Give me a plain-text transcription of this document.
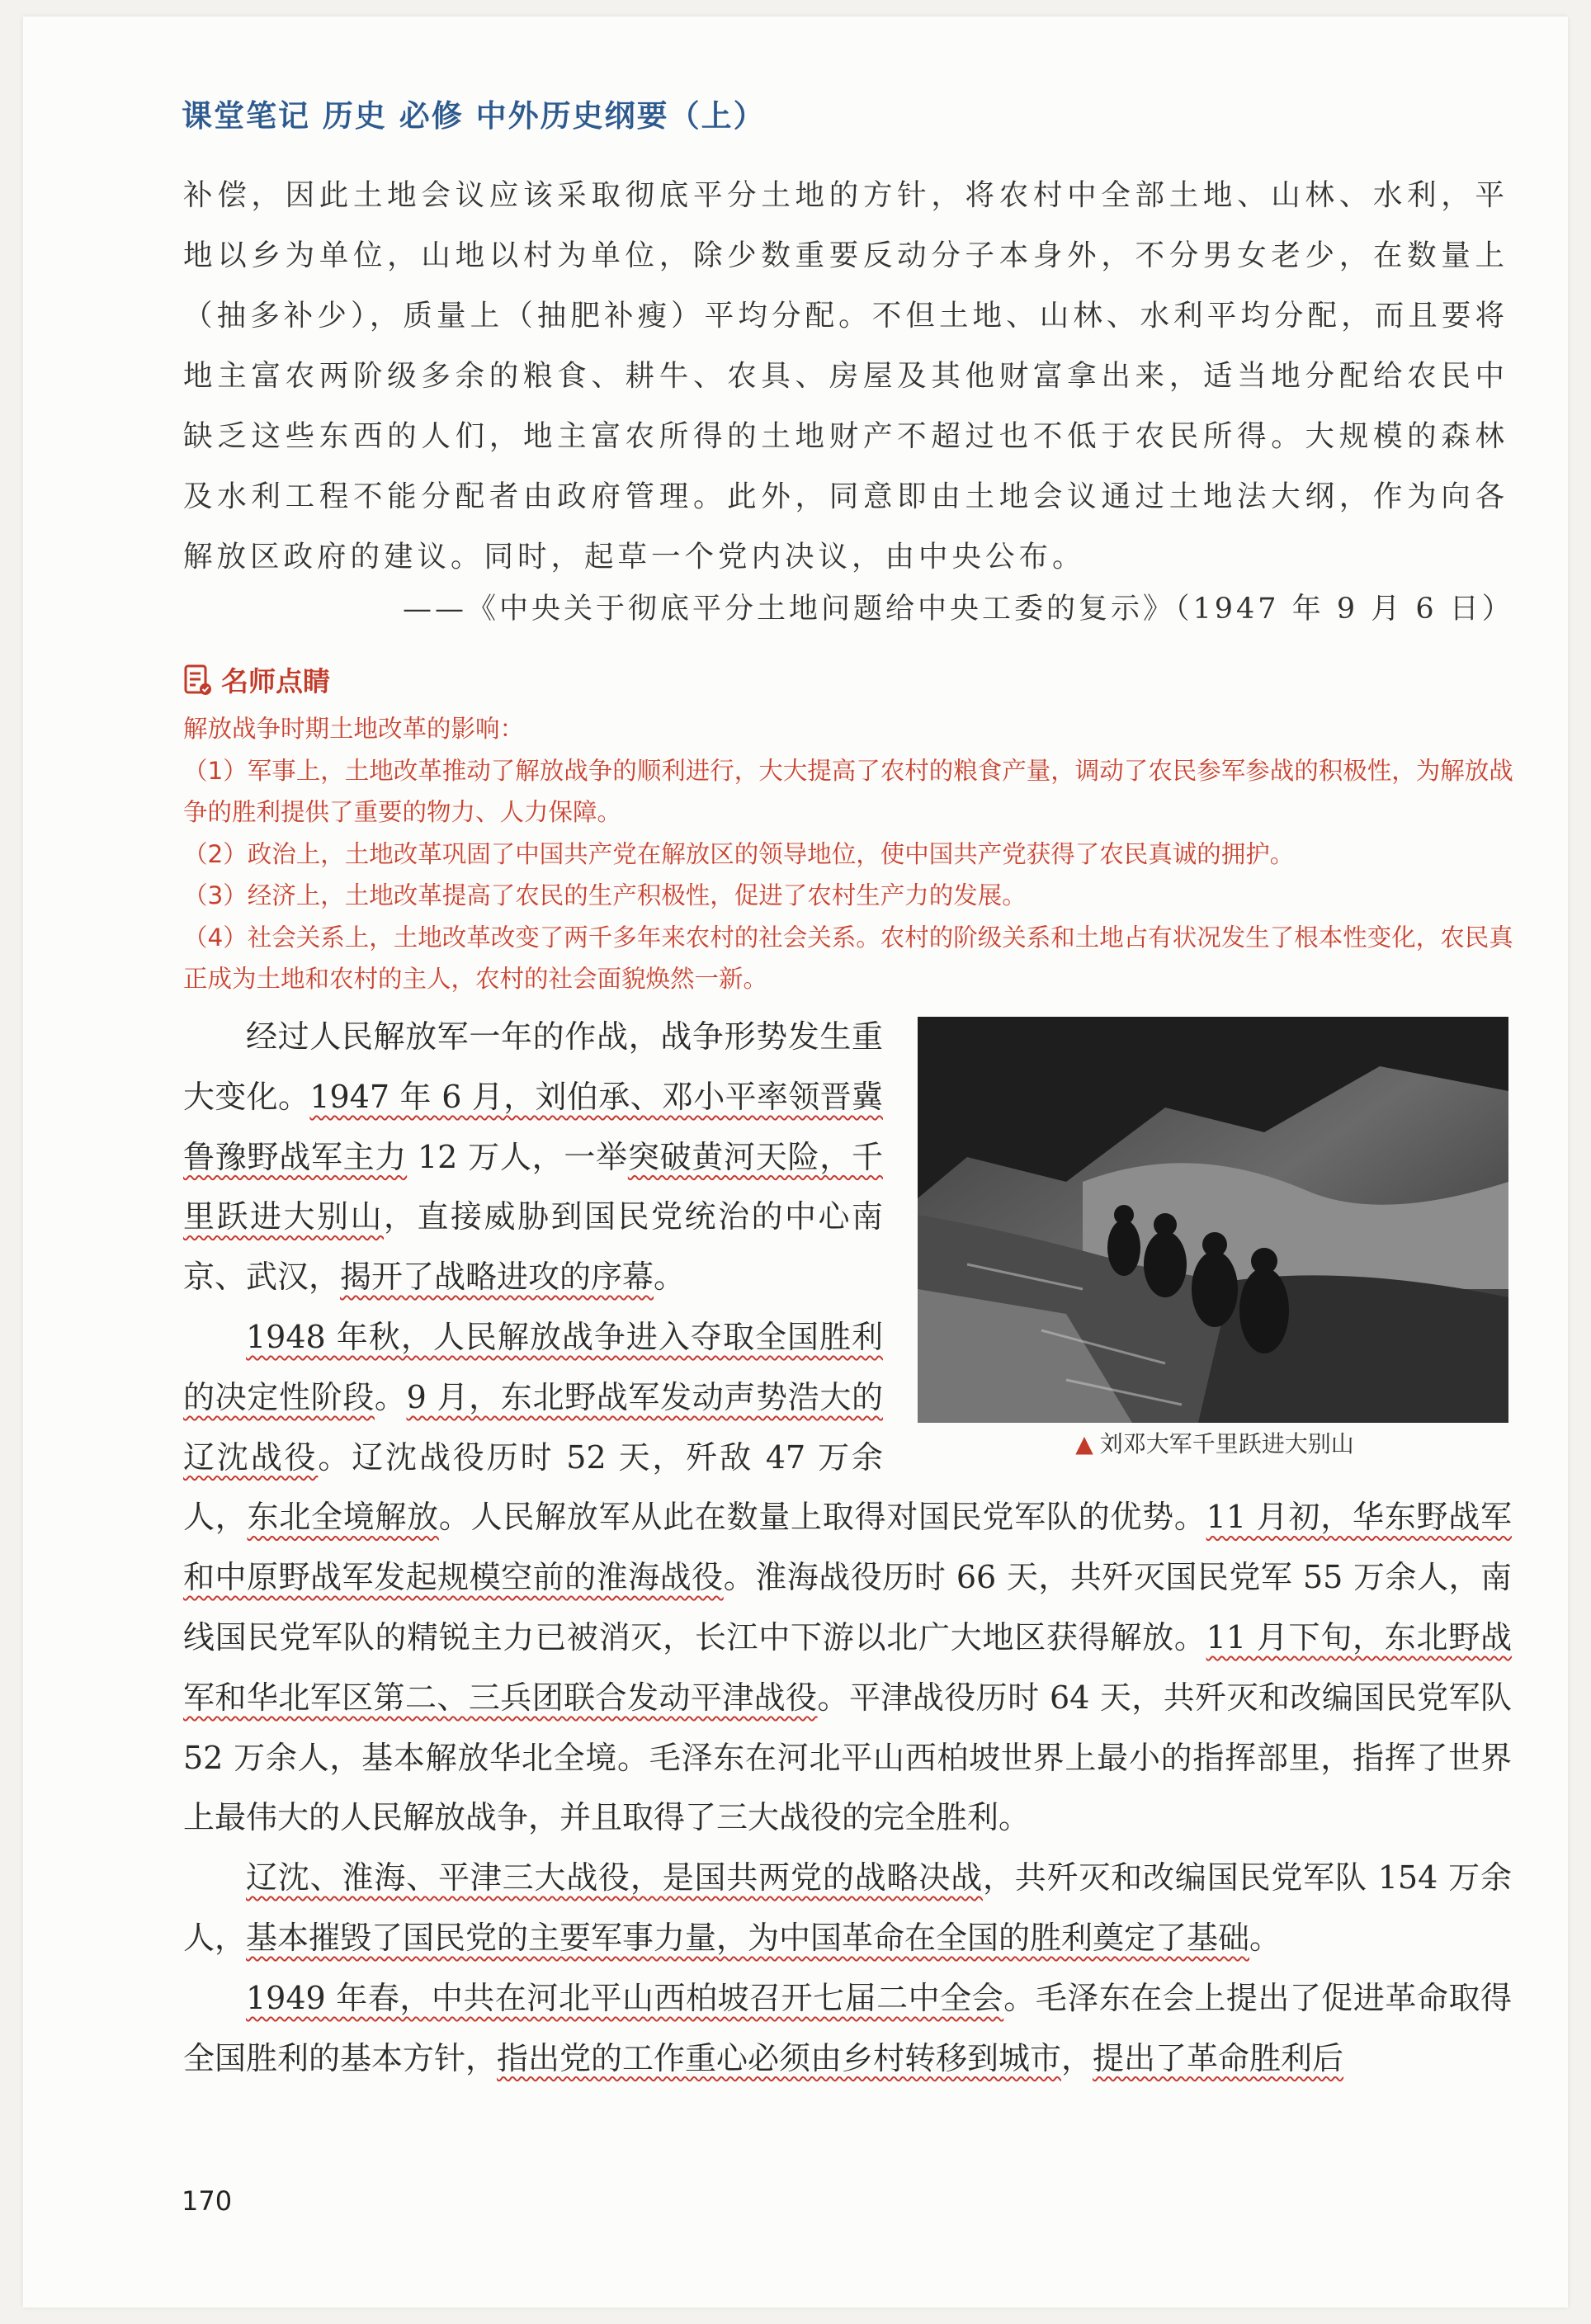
课堂笔记 历史 必修 中外历史纲要（上）
补偿，因此土地会议应该采取彻底平分土地的方针，将农村中全部土地、山林、水利，平地以乡为单位，山地以村为单位，除少数重要反动分子本身外，不分男女老少，在数量上（抽多补少），质量上（抽肥补瘦）平均分配。不但土地、山林、水利平均分配，而且要将地主富农两阶级多余的粮食、耕牛、农具、房屋及其他财富拿出来，适当地分配给农民中缺乏这些东西的人们，地主富农所得的土地财产不超过也不低于农民所得。大规模的森林及水利工程不能分配者由政府管理。此外，同意即由土地会议通过土地法大纲，作为向各解放区政府的建议。同时，起草一个党内决议，由中央公布。
——《中央关于彻底平分土地问题给中央工委的复示》（1947 年 9 月 6 日）
名师点睛

解放战争时期土地改革的影响：

（1）军事上，土地改革推动了解放战争的顺利进行，大大提高了农村的粮食产量，调动了农民参军参战的积极性，为解放战争的胜利提供了重要的物力、人力保障。

（2）政治上，土地改革巩固了中国共产党在解放区的领导地位，使中国共产党获得了农民真诚的拥护。

（3）经济上，土地改革提高了农民的生产积极性，促进了农村生产力的发展。

（4）社会关系上，土地改革改变了两千多年来农村的社会关系。农村的阶级关系和土地占有状况发生了根本性变化，农民真正成为土地和农村的主人，农村的社会面貌焕然一新。

▲ 刘邓大军千里跃进大别山

经过人民解放军一年的作战，战争形势发生重大变化。1947 年 6 月，刘伯承、邓小平率领晋冀鲁豫野战军主力 12 万人，一举突破黄河天险，千里跃进大别山，直接威胁到国民党统治的中心南京、武汉，揭开了战略进攻的序幕。

1948 年秋，人民解放战争进入夺取全国胜利的决定性阶段。9 月，东北野战军发动声势浩大的辽沈战役。辽沈战役历时 52 天，歼敌 47 万余人，东北全境解放。人民解放军从此在数量上取得对国民党军队的优势。11 月初，华东野战军和中原野战军发起规模空前的淮海战役。淮海战役历时 66 天，共歼灭国民党军 55 万余人，南线国民党军队的精锐主力已被消灭，长江中下游以北广大地区获得解放。11 月下旬，东北野战军和华北军区第二、三兵团联合发动平津战役。平津战役历时 64 天，共歼灭和改编国民党军队 52 万余人，基本解放华北全境。毛泽东在河北平山西柏坡世界上最小的指挥部里，指挥了世界上最伟大的人民解放战争，并且取得了三大战役的完全胜利。

辽沈、淮海、平津三大战役，是国共两党的战略决战，共歼灭和改编国民党军队 154 万余人，基本摧毁了国民党的主要军事力量，为中国革命在全国的胜利奠定了基础。

1949 年春，中共在河北平山西柏坡召开七届二中全会。毛泽东在会上提出了促进革命取得全国胜利的基本方针，指出党的工作重心必须由乡村转移到城市，提出了革命胜利后

170
